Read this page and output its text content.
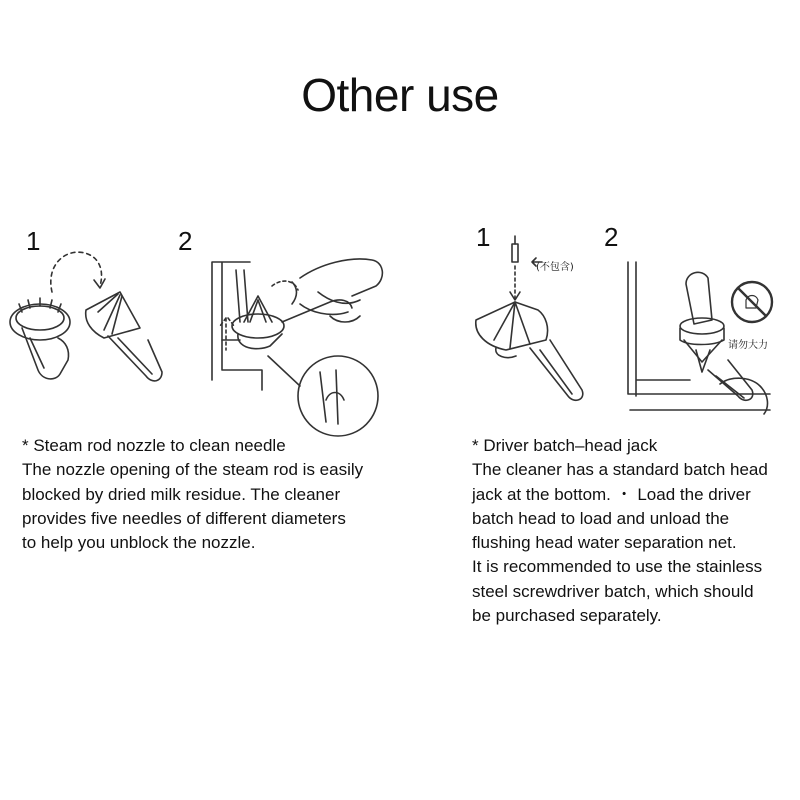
Other use
1	2
* Steam rod nozzle to clean needle
The nozzle opening of the steam rod is easily
blocked by dried milk residue. The cleaner
provides five needles of different diameters
to help you unblock the nozzle.
1	2
(不包含)
请勿大力
* Driver batch–head jack
The cleaner has a standard batch head
jack at the bottom. ・ Load the driver
batch head to load and unload the
flushing head water separation net.
It is recommended to use the stainless
steel screwdriver batch, which should
be purchased separately.
